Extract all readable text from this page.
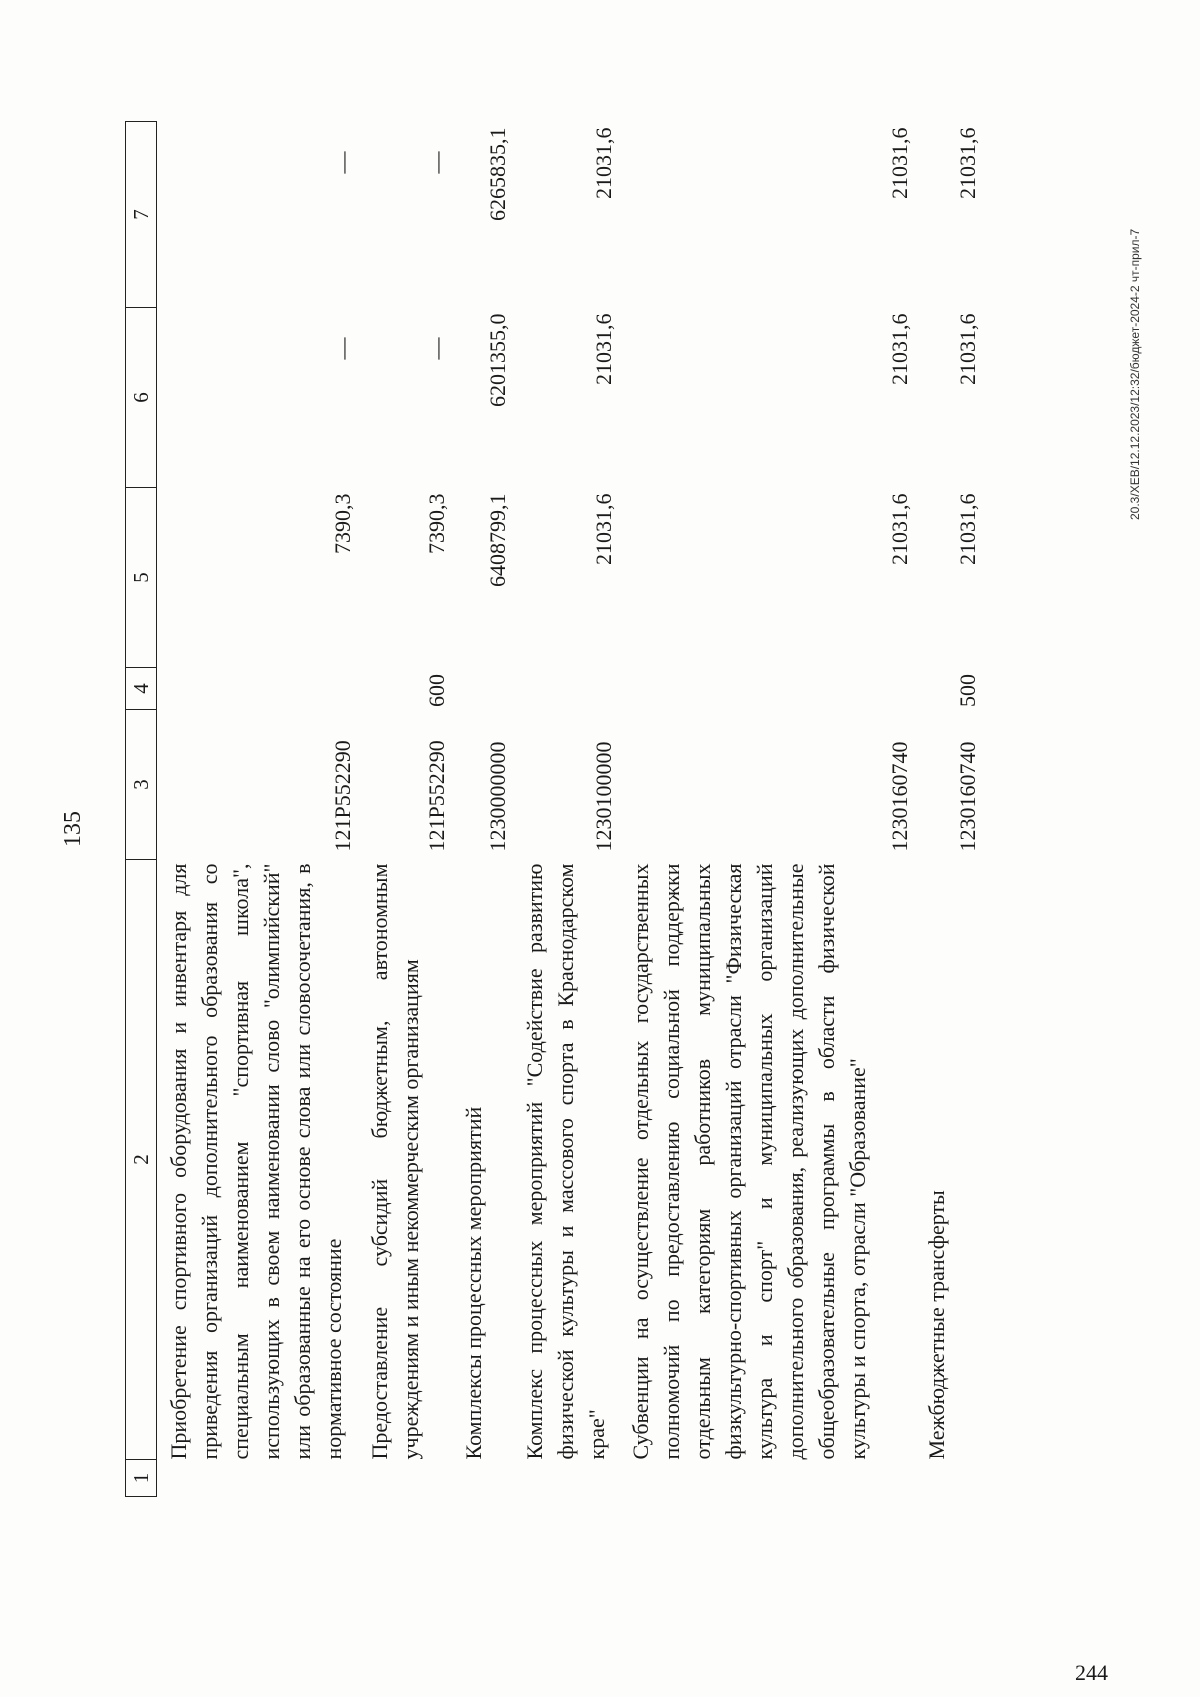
135
1	2	3	4	5	6	7
	Приобретение спортивного оборудования и инвентаря для приведения организаций дополнительного образования со специальным наименованием "спортивная школа", использующих в своем наименовании слово "олимпийский" или образованные на его основе слова или словосочетания, в нормативное состояние	121P552290		7390,3	—	—
	Предоставление субсидий бюджетным, автономным учреждениям и иным некоммерческим организациям	121P552290	600	7390,3	—	—
	Комплексы процессных мероприятий	1230000000		6408799,1	6201355,0	6265835,1
	Комплекс процессных мероприятий "Содействие развитию физической культуры и массового спорта в Краснодарском крае"	1230100000		21031,6	21031,6	21031,6
	Субвенции на осуществление отдельных государственных полномочий по предоставлению социальной поддержки отдельным категориям работников муниципальных физкультурно-спортивных организаций отрасли "Физическая культура и спорт" и муниципальных организаций дополнительного образования, реализующих дополнительные общеобразовательные программы в области физической культуры и спорта, отрасли "Образование"	1230160740		21031,6	21031,6	21031,6
	Межбюджетные трансферты	1230160740	500	21031,6	21031,6	21031,6
20.3/XEB/12.12.2023/12:32/бюджет-2024-2 чт-прил-7
244
